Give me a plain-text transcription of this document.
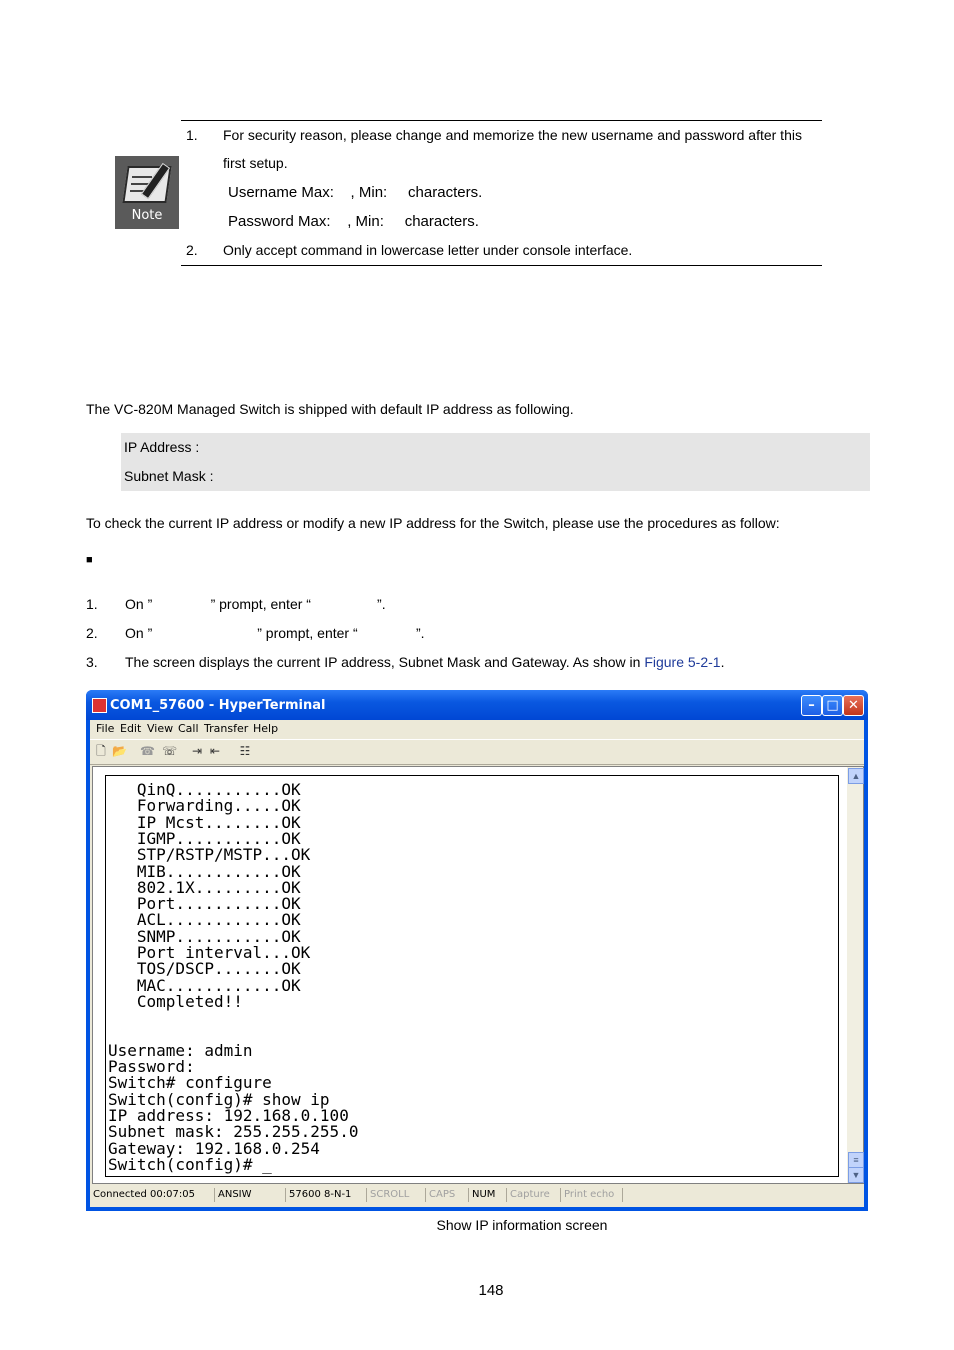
Note
1. For security reason, please change and memorize the new username and password after this
first setup.
Username Max:    , Min:     characters.
Password Max:    , Min:     characters.
2. Only accept command in lowercase letter under console interface.
The VC-820M Managed Switch is shipped with default IP address as following.
IP Address :
Subnet Mask :
To check the current IP address or modify a new IP address for the Switch, please use the procedures as follow:
■
1. On ”               ” prompt, enter “                 ”.
2. On ”                           ” prompt, enter “               ”.
3. The screen displays the current IP address, Subnet Mask and Gateway. As show in Figure 5-2-1.
COM1_57600 - HyperTerminal	– □ ✕
File Edit View Call Transfer Help
🗋 📂 ☎ ☏ ⇥ ⇤ ☷
QinQ...........OK
Forwarding.....OK
IP Mcst........OK
IGMP...........OK
STP/RSTP/MSTP...OK
MIB............OK
802.1X.........OK
Port...........OK
ACL............OK
SNMP...........OK
Port interval...OK
TOS/DSCP.......OK
MAC............OK
Completed!!
Username: admin
Password:
Switch# configure
Switch(config)# show ip
IP address: 192.168.0.100
Subnet mask: 255.255.255.0
Gateway: 192.168.0.254
Switch(config)# _
▲
≡
▼
Connected 00:07:05	ANSIW	57600 8-N-1	SCROLL	CAPS	NUM	Capture	Print echo
Show IP information screen
148
